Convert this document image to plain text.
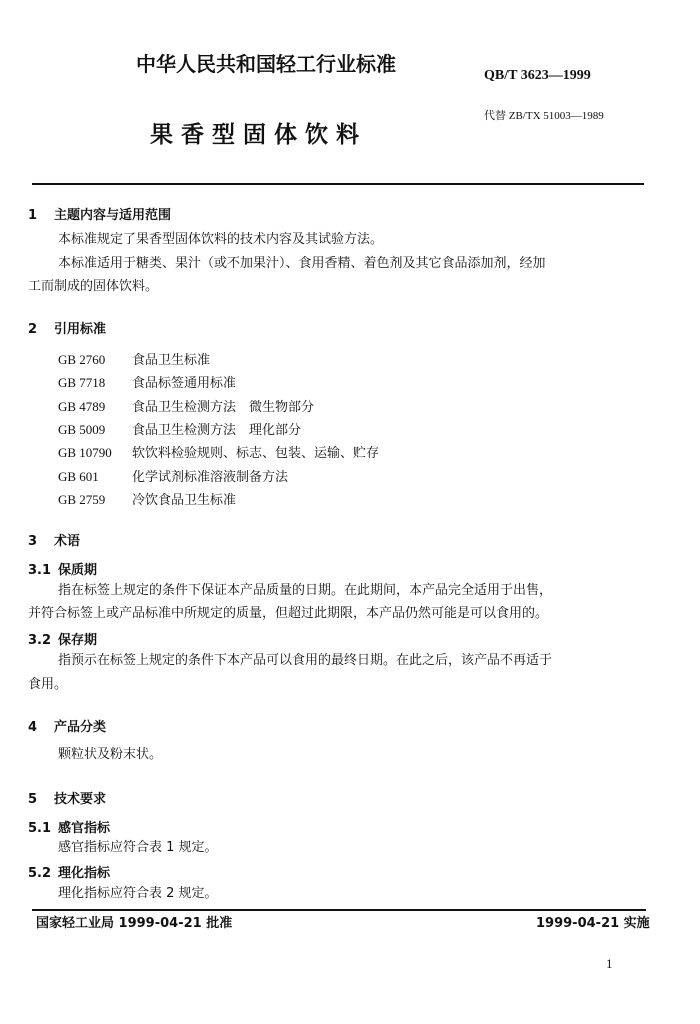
中华人民共和国轻工行业标准	QB/T 3623—1999
代替 ZB/TX 51003—1989
果香型固体饮料
1 主题内容与适用范围
本标准规定了果香型固体饮料的技术内容及其试验方法。
本标准适用于糖类、果汁（或不加果汁）、食用香精、着色剂及其它食品添加剂，经加
工而制成的固体饮料。
2 引用标准
GB 2760 食品卫生标准
GB 7718 食品标签通用标准
GB 4789 食品卫生检测方法　微生物部分
GB 5009 食品卫生检测方法　理化部分
GB 10790 软饮料检验规则、标志、包装、运输、贮存
GB 601	化学试剂标准溶液制备方法
GB 2759 冷饮食品卫生标准
3 术语
3.1 保质期
指在标签上规定的条件下保证本产品质量的日期。在此期间，本产品完全适用于出售，
并符合标签上或产品标准中所规定的质量，但超过此期限，本产品仍然可能是可以食用的。
3.2 保存期
指预示在标签上规定的条件下本产品可以食用的最终日期。在此之后，该产品不再适于
食用。
4 产品分类
颗粒状及粉末状。
5 技术要求
5.1 感官指标
感官指标应符合表 1 规定。
5.2 理化指标
理化指标应符合表 2 规定。
国家轻工业局 1999-04-21 批准	1999-04-21 实施
1
